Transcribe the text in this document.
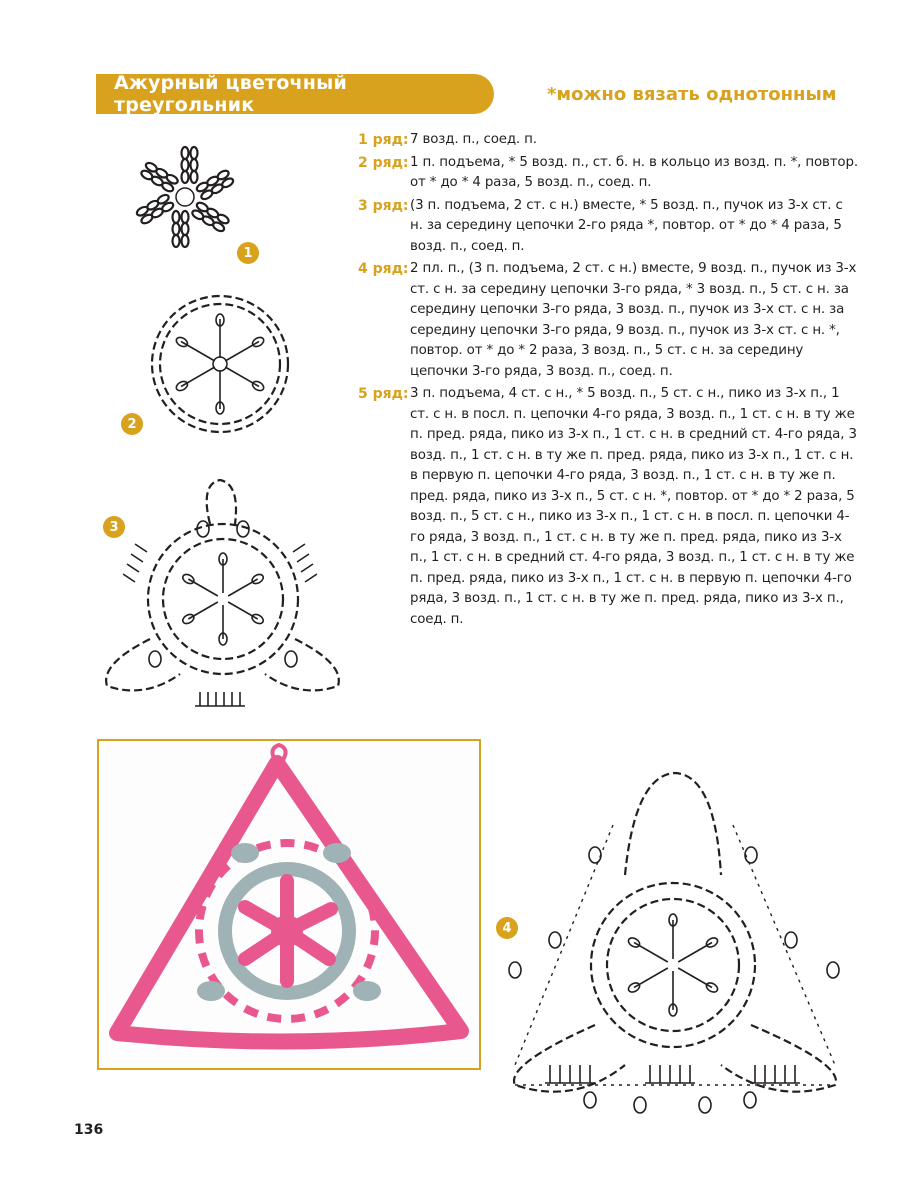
Ажурный цветочный треугольник	*можно вязать однотонным
1 ряд: 7 возд. п., соед. п.
2 ряд: 1 п. подъема, * 5 возд. п., ст. б. н. в кольцо из возд. п. *, повтор. от * до * 4 раза, 5 возд. п., соед. п.
3 ряд: (3 п. подъема, 2 ст. с н.) вместе, * 5 возд. п., пучок из 3-х ст. с н. за середину цепочки 2-го ряда *, повтор. от * до * 4 раза, 5 возд. п., соед. п.
4 ряд: 2 пл. п., (3 п. подъема, 2 ст. с н.) вместе, 9 возд. п., пучок из 3-х ст. с н. за середину цепочки 3-го ряда, * 3 возд. п., 5 ст. с н. за середину цепочки 3-го ряда, 3 возд. п., пучок из 3-х ст. с н. за середину цепочки 3-го ряда, 9 возд. п., пучок из 3-х ст. с н. *, повтор. от * до * 2 раза, 3 возд. п., 5 ст. с н. за середину цепочки 3-го ряда, 3 возд. п., соед. п.
5 ряд: 3 п. подъема, 4 ст. с н., * 5 возд. п., 5 ст. с н., пико из 3-х п., 1 ст. с н. в посл. п. цепочки 4-го ряда, 3 возд. п., 1 ст. с н. в ту же п. пред. ряда, пико из 3-х п., 1 ст. с н. в средний ст. 4-го ряда, 3 возд. п., 1 ст. с н. в ту же п. пред. ряда, пико из 3-х п., 1 ст. с н. в первую п. цепочки 4-го ряда, 3 возд. п., 1 ст. с н. в ту же п. пред. ряда, пико из 3-х п., 5 ст. с н. *, повтор. от * до * 2 раза, 5 возд. п., 5 ст. с н., пико из 3-х п., 1 ст. с н. в посл. п. цепочки 4-го ряда, 3 возд. п., 1 ст. с н. в ту же п. пред. ряда, пико из 3-х п., 1 ст. с н. в средний ст. 4-го ряда, 3 возд. п., 1 ст. с н. в ту же п. пред. ряда, пико из 3-х п., 1 ст. с н. в первую п. цепочки 4-го ряда, 3 возд. п., 1 ст. с н. в ту же п. пред. ряда, пико из 3-х п., соед. п.
1
2
3
4
136
